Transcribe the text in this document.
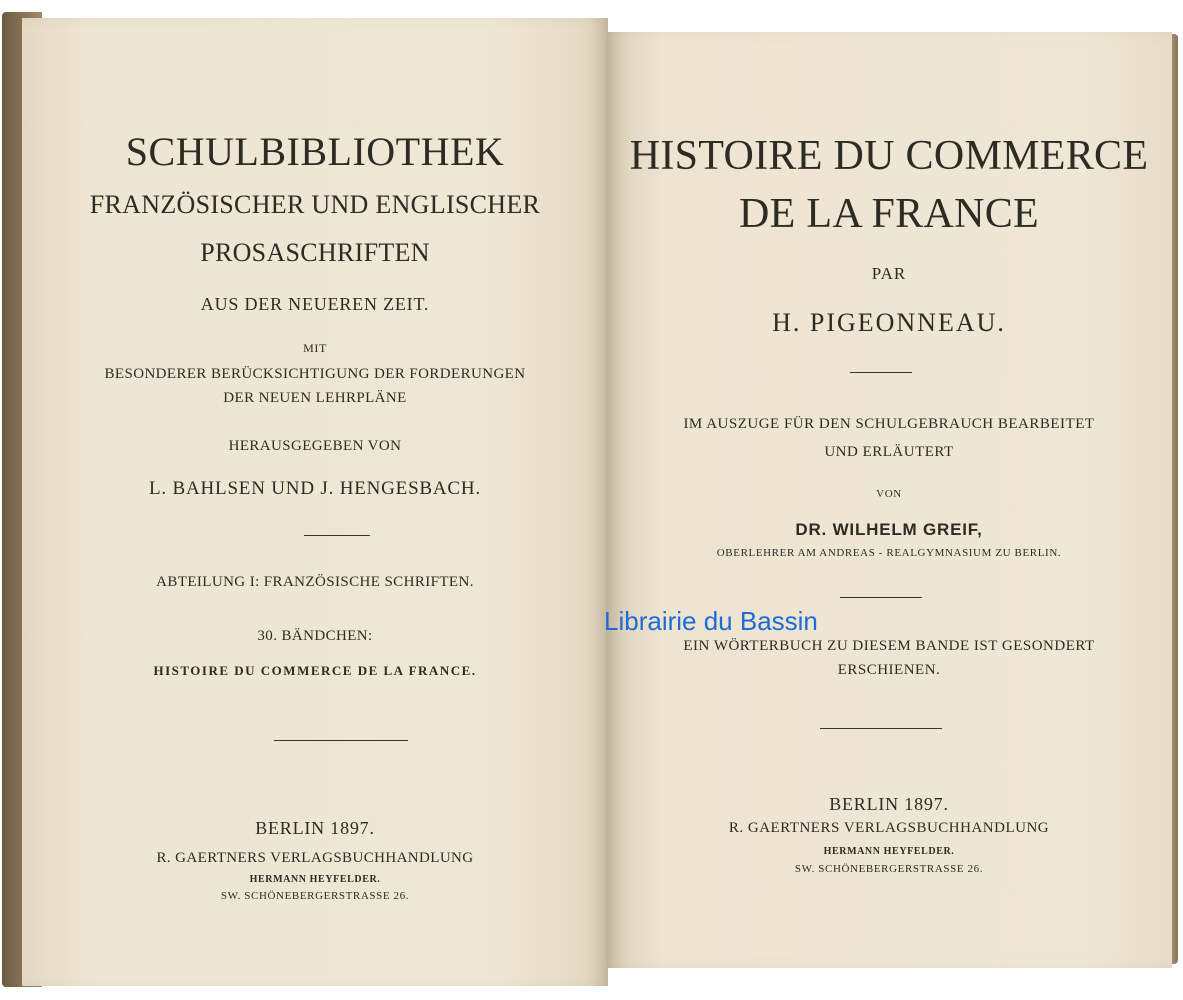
SCHULBIBLIOTHEK
FRANZÖSISCHER UND ENGLISCHER
PROSASCHRIFTEN
AUS DER NEUEREN ZEIT.
MIT
BESONDERER BERÜCKSICHTIGUNG DER FORDERUNGEN
DER NEUEN LEHRPLÄNE
HERAUSGEGEBEN VON
L. BAHLSEN UND J. HENGESBACH.
ABTEILUNG I: FRANZÖSISCHE SCHRIFTEN.
30. BÄNDCHEN:
HISTOIRE DU COMMERCE DE LA FRANCE.
BERLIN 1897.
R. GAERTNERS VERLAGSBUCHHANDLUNG
HERMANN HEYFELDER.
SW. SCHÖNEBERGERSTRASSE 26.
HISTOIRE DU COMMERCE
DE LA FRANCE
PAR
H. PIGEONNEAU.
IM AUSZUGE FÜR DEN SCHULGEBRAUCH BEARBEITET
UND ERLÄUTERT
VON
DR. WILHELM GREIF,
OBERLEHRER AM ANDREAS - REALGYMNASIUM ZU BERLIN.
EIN WÖRTERBUCH ZU DIESEM BANDE IST GESONDERT
ERSCHIENEN.
BERLIN 1897.
R. GAERTNERS VERLAGSBUCHHANDLUNG
HERMANN HEYFELDER.
SW. SCHÖNEBERGERSTRASSE 26.
Librairie du Bassin
